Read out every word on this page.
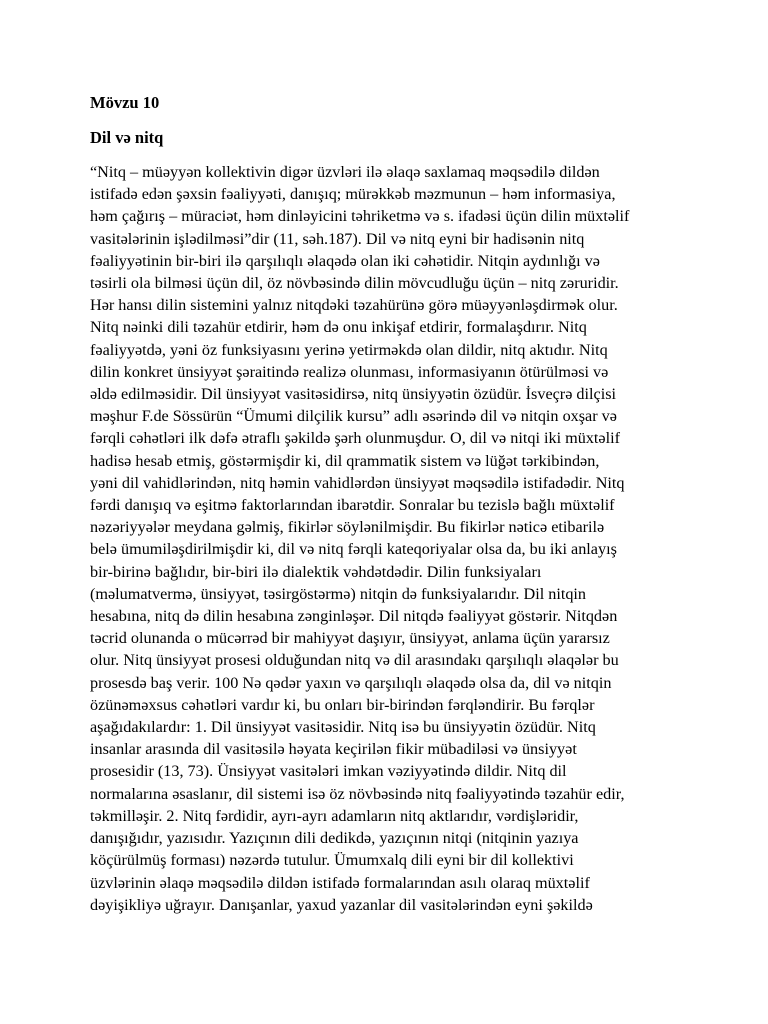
Mövzu 10
Dil və nitq

“Nitq – müəyyən kollektivin digər üzvləri ilə əlaqə saxlamaq məqsədilə dildən
istifadə edən şəxsin fəaliyyəti, danışıq; mürəkkəb məzmunun – həm informasiya,
həm çağırış – müraciət, həm dinləyicini təhriketmə və s. ifadəsi üçün dilin müxtəlif
vasitələrinin işlədilməsi”dir (11, səh.187). Dil və nitq eyni bir hadisənin nitq
fəaliyyətinin bir-biri ilə qarşılıqlı əlaqədə olan iki cəhətidir. Nitqin aydınlığı və
təsirli ola bilməsi üçün dil, öz növbəsində dilin mövcudluğu üçün – nitq zəruridir.
Hər hansı dilin sistemini yalnız nitqdəki təzahürünə görə müəyyənləşdirmək olur.
Nitq nəinki dili təzahür etdirir, həm də onu inkişaf etdirir, formalaşdırır. Nitq
fəaliyyətdə, yəni öz funksiyasını yerinə yetirməkdə olan dildir, nitq aktıdır. Nitq
dilin konkret ünsiyyət şəraitində realizə olunması, informasiyanın ötürülməsi və
əldə edilməsidir. Dil ünsiyyət vasitəsidirsə, nitq ünsiyyətin özüdür. İsveçrə dilçisi
məşhur F.de Sössürün “Ümumi dilçilik kursu” adlı əsərində dil və nitqin oxşar və
fərqli cəhətləri ilk dəfə ətraflı şəkildə şərh olunmuşdur. O, dil və nitqi iki müxtəlif
hadisə hesab etmiş, göstərmişdir ki, dil qrammatik sistem və lüğət tərkibindən,
yəni dil vahidlərindən, nitq həmin vahidlərdən ünsiyyət məqsədilə istifadədir. Nitq
fərdi danışıq və eşitmə faktorlarından ibarətdir. Sonralar bu tezislə bağlı müxtəlif
nəzəriyyələr meydana gəlmiş, fikirlər söylənilmişdir. Bu fikirlər nəticə etibarilə
belə ümumiləşdirilmişdir ki, dil və nitq fərqli kateqoriyalar olsa da, bu iki anlayış
bir-birinə bağlıdır, bir-biri ilə dialektik vəhdətdədir. Dilin funksiyaları
(məlumatvermə, ünsiyyət, təsirgöstərmə) nitqin də funksiyalarıdır. Dil nitqin
hesabına, nitq də dilin hesabına zənginləşər. Dil nitqdə fəaliyyət göstərir. Nitqdən
təcrid olunanda o mücərrəd bir mahiyyət daşıyır, ünsiyyət, anlama üçün yararsız
olur. Nitq ünsiyyət prosesi olduğundan nitq və dil arasındakı qarşılıqlı əlaqələr bu
prosesdə baş verir. 100 Nə qədər yaxın və qarşılıqlı əlaqədə olsa da, dil və nitqin
özünəməxsus cəhətləri vardır ki, bu onları bir-birindən fərqləndirir. Bu fərqlər
aşağıdakılardır: 1. Dil ünsiyyət vasitəsidir. Nitq isə bu ünsiyyətin özüdür. Nitq
insanlar arasında dil vasitəsilə həyata keçirilən fikir mübadiləsi və ünsiyyət
prosesidir (13, 73). Ünsiyyət vasitələri imkan vəziyyətində dildir. Nitq dil
normalarına əsaslanır, dil sistemi isə öz növbəsində nitq fəaliyyətində təzahür edir,
təkmilləşir. 2. Nitq fərdidir, ayrı-ayrı adamların nitq aktlarıdır, vərdişləridir,
danışığıdır, yazısıdır. Yazıçının dili dedikdə, yazıçının nitqi (nitqinin yazıya
köçürülmüş forması) nəzərdə tutulur. Ümumxalq dili eyni bir dil kollektivi
üzvlərinin əlaqə məqsədilə dildən istifadə formalarından asılı olaraq müxtəlif
dəyişikliyə uğrayır. Danışanlar, yaxud yazanlar dil vasitələrindən eyni şəkildə
